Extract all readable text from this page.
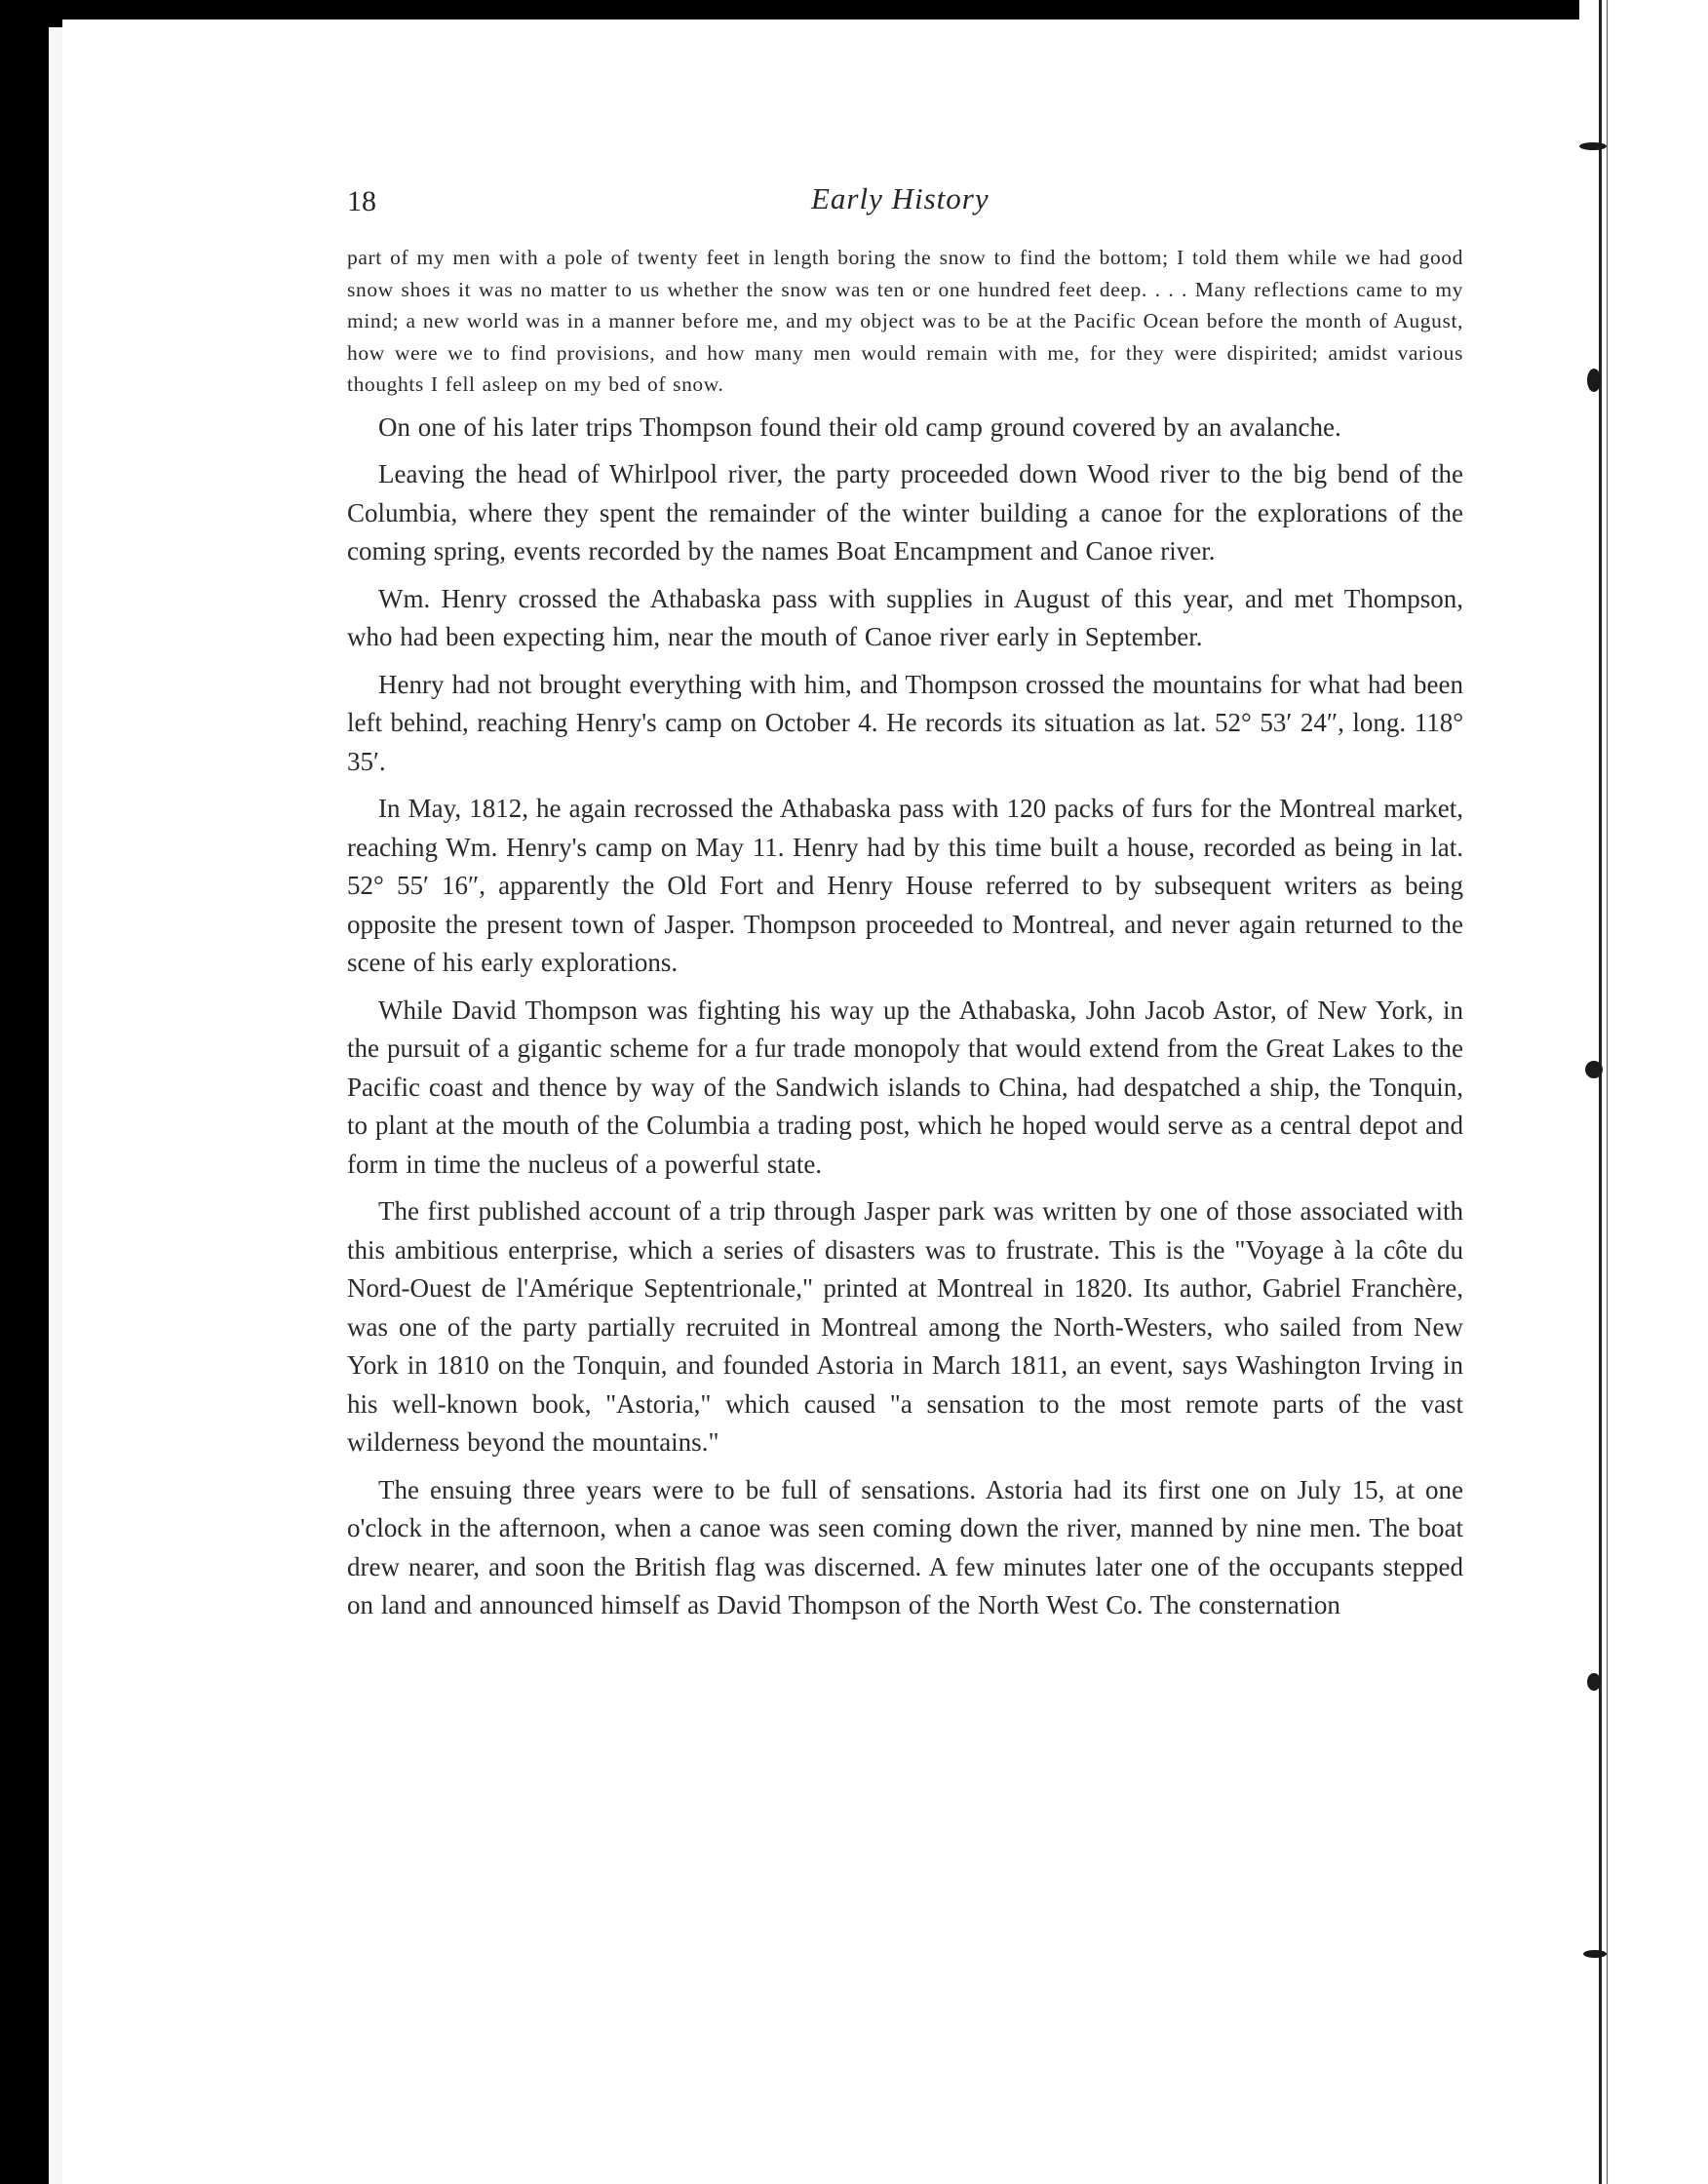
18	Early History

part of my men with a pole of twenty feet in length boring the snow to find the bottom; I told them while we had good snow shoes it was no matter to us whether the snow was ten or one hundred feet deep. . . . Many reflections came to my mind; a new world was in a manner before me, and my object was to be at the Pacific Ocean before the month of August, how were we to find provisions, and how many men would remain with me, for they were dispirited; amidst various thoughts I fell asleep on my bed of snow.

On one of his later trips Thompson found their old camp ground covered by an avalanche.

Leaving the head of Whirlpool river, the party proceeded down Wood river to the big bend of the Columbia, where they spent the remainder of the winter building a canoe for the explorations of the coming spring, events recorded by the names Boat Encampment and Canoe river.

Wm. Henry crossed the Athabaska pass with supplies in August of this year, and met Thompson, who had been expecting him, near the mouth of Canoe river early in September.

Henry had not brought everything with him, and Thompson crossed the mountains for what had been left behind, reaching Henry's camp on October 4. He records its situation as lat. 52° 53′ 24″, long. 118° 35′.

In May, 1812, he again recrossed the Athabaska pass with 120 packs of furs for the Montreal market, reaching Wm. Henry's camp on May 11. Henry had by this time built a house, recorded as being in lat. 52° 55′ 16″, apparently the Old Fort and Henry House referred to by subsequent writers as being opposite the present town of Jasper. Thompson proceeded to Montreal, and never again returned to the scene of his early explorations.

While David Thompson was fighting his way up the Athabaska, John Jacob Astor, of New York, in the pursuit of a gigantic scheme for a fur trade monopoly that would extend from the Great Lakes to the Pacific coast and thence by way of the Sandwich islands to China, had despatched a ship, the Tonquin, to plant at the mouth of the Columbia a trading post, which he hoped would serve as a central depot and form in time the nucleus of a powerful state.

The first published account of a trip through Jasper park was written by one of those associated with this ambitious enterprise, which a series of disasters was to frustrate. This is the "Voyage à la côte du Nord-Ouest de l'Amérique Septentrionale," printed at Montreal in 1820. Its author, Gabriel Franchère, was one of the party partially recruited in Montreal among the North-Westers, who sailed from New York in 1810 on the Tonquin, and founded Astoria in March 1811, an event, says Washington Irving in his well-known book, "Astoria," which caused "a sensation to the most remote parts of the vast wilderness beyond the mountains."

The ensuing three years were to be full of sensations. Astoria had its first one on July 15, at one o'clock in the afternoon, when a canoe was seen coming down the river, manned by nine men. The boat drew nearer, and soon the British flag was discerned. A few minutes later one of the occupants stepped on land and announced himself as David Thompson of the North West Co. The consternation
